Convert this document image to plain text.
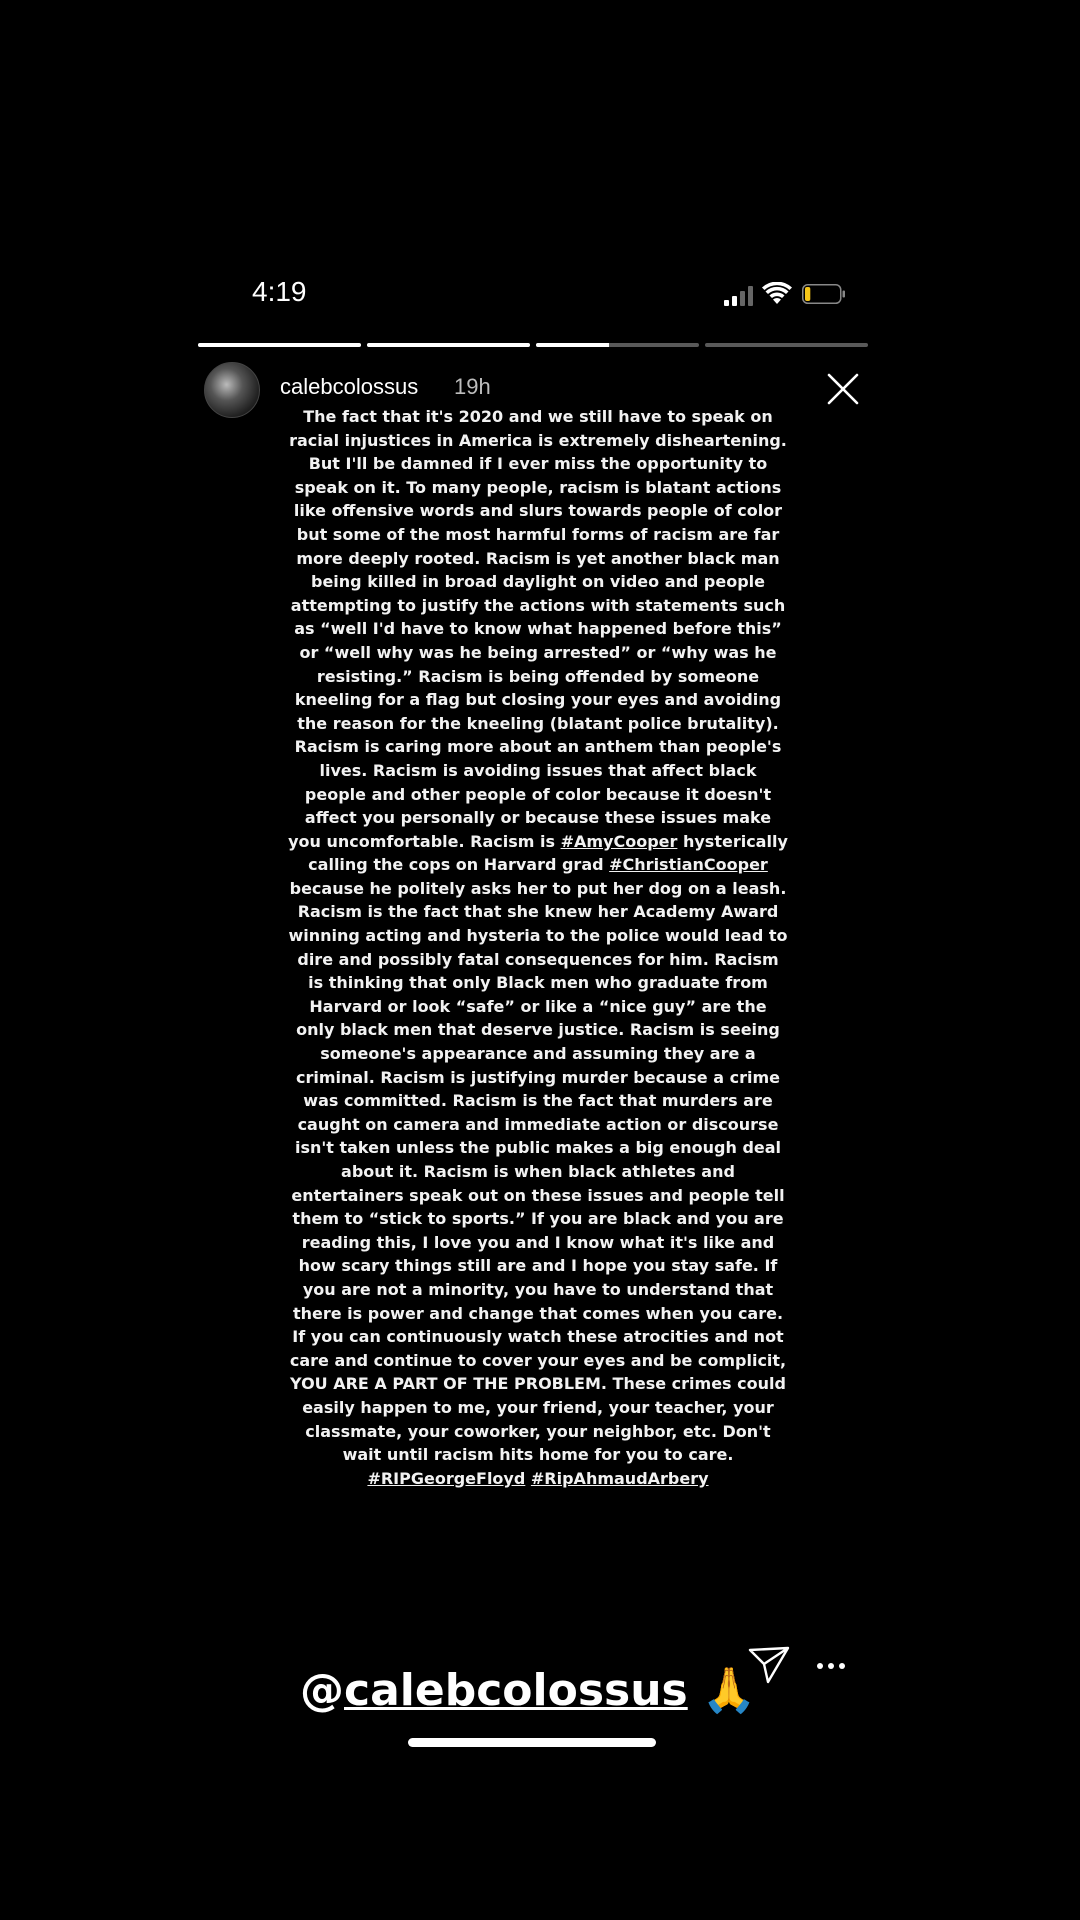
4:19
calebcolossus 19h

The fact that it's 2020 and we still have to speak on racial injustices in America is extremely disheartening. But I'll be damned if I ever miss the opportunity to speak on it. To many people, racism is blatant actions like offensive words and slurs towards people of color but some of the most harmful forms of racism are far more deeply rooted. Racism is yet another black man being killed in broad daylight on video and people attempting to justify the actions with statements such as “well I'd have to know what happened before this” or “well why was he being arrested” or “why was he resisting.” Racism is being offended by someone kneeling for a flag but closing your eyes and avoiding the reason for the kneeling (blatant police brutality). Racism is caring more about an anthem than people's lives. Racism is avoiding issues that affect black people and other people of color because it doesn't affect you personally or because these issues make you uncomfortable. Racism is #AmyCooper hysterically calling the cops on Harvard grad #ChristianCooper because he politely asks her to put her dog on a leash. Racism is the fact that she knew her Academy Award winning acting and hysteria to the police would lead to dire and possibly fatal consequences for him. Racism is thinking that only Black men who graduate from Harvard or look “safe” or like a “nice guy” are the only black men that deserve justice. Racism is seeing someone's appearance and assuming they are a criminal. Racism is justifying murder because a crime was committed. Racism is the fact that murders are caught on camera and immediate action or discourse isn't taken unless the public makes a big enough deal about it. Racism is when black athletes and entertainers speak out on these issues and people tell them to “stick to sports.” If you are black and you are reading this, I love you and I know what it's like and how scary things still are and I hope you stay safe. If you are not a minority, you have to understand that there is power and change that comes when you care. If you can continuously watch these atrocities and not care and continue to cover your eyes and be complicit, YOU ARE A PART OF THE PROBLEM. These crimes could easily happen to me, your friend, your teacher, your classmate, your coworker, your neighbor, etc. Don't wait until racism hits home for you to care. #RIPGeorgeFloyd #RipAhmaudArbery

@calebcolossus 🙏
